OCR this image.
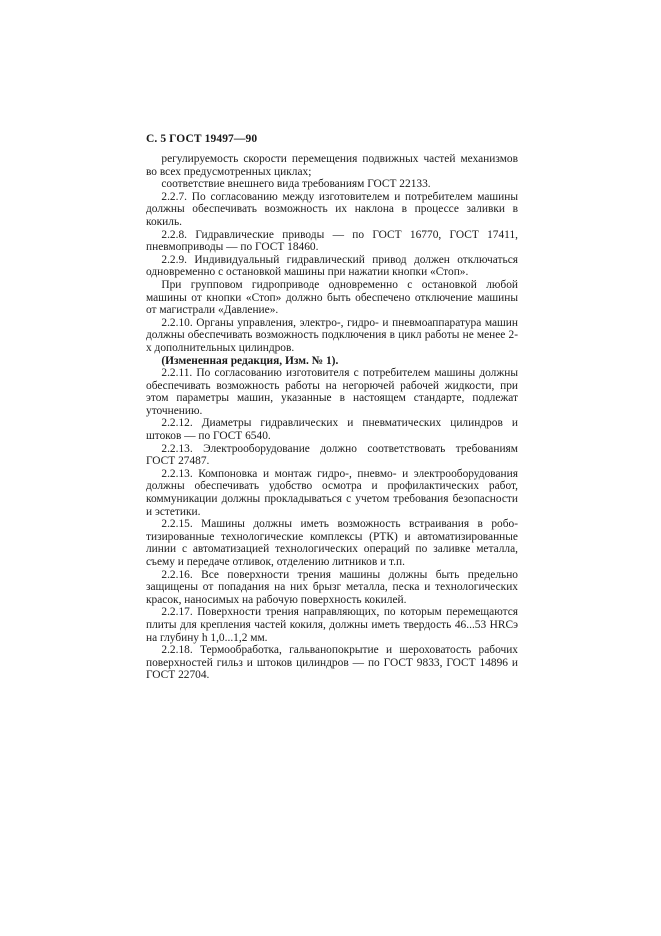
С. 5 ГОСТ 19497—90

регулируемость скорости перемещения подвижных частей механизмов во всех предусмотренных циклах;

соответствие внешнего вида требованиям ГОСТ 22133.

2.2.7. По согласованию между изготовителем и потребителем машины должны обеспечивать возможность их наклона в процессе заливки в кокиль.

2.2.8. Гидравлические приводы — по ГОСТ 16770, ГОСТ 17411, пневмоприводы — по ГОСТ 18460.

2.2.9. Индивидуальный гидравлический привод должен отключаться одновременно с остановкой машины при нажатии кнопки «Стоп».

При групповом гидроприводе одновременно с остановкой любой машины от кнопки «Стоп» должно быть обеспечено отключение машины от магистрали «Давление».

2.2.10. Органы управления, электро-, гидро- и пневмоаппаратура машин должны обеспечивать возможность подключения в цикл работы не менее 2-х дополнительных цилиндров.

(Измененная редакция, Изм. № 1).

2.2.11. По согласованию изготовителя с потребителем машины должны обеспечивать возможность работы на негорючей рабочей жидкости, при этом параметры машин, указанные в настоящем стандарте, подлежат уточнению.

2.2.12. Диаметры гидравлических и пневматических цилиндров и штоков — по ГОСТ 6540.

2.2.13. Электрооборудование должно соответствовать требованиям ГОСТ 27487.

2.2.13. Компоновка и монтаж гидро-, пневмо- и электрооборудования должны обеспечивать удобство осмотра и профилактических работ, коммуникации должны прокладываться с учетом требования безопасности и эстетики.

2.2.15. Машины должны иметь возможность встраивания в роботизированные технологические комплексы (РТК) и автоматизированные линии с автоматизацией технологических операций по заливке металла, съему и передаче отливок, отделению литников и т.п.

2.2.16. Все поверхности трения машины должны быть предельно защищены от попадания на них брызг металла, песка и технологических красок, наносимых на рабочую поверхность кокилей.

2.2.17. Поверхности трения направляющих, по которым перемещаются плиты для крепления частей кокиля, должны иметь твердость 46...53 HRCэ на глубину h 1,0...1,2 мм.

2.2.18. Термообработка, гальванопокрытие и шероховатость рабочих поверхностей гильз и штоков цилиндров — по ГОСТ 9833, ГОСТ 14896 и ГОСТ 22704.
